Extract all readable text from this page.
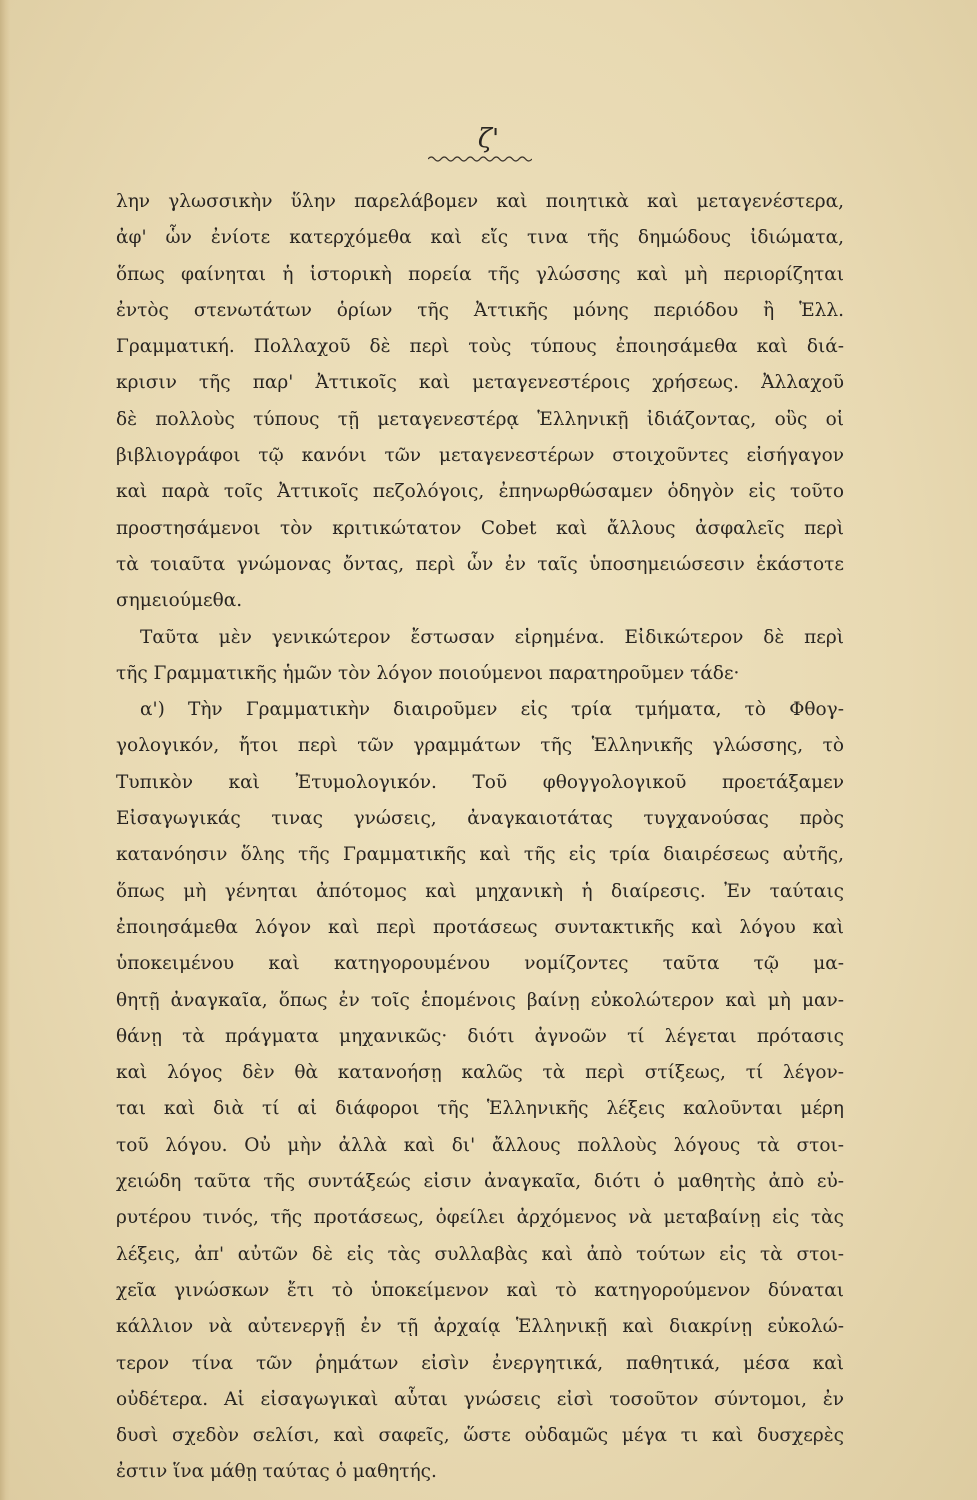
ζ'
λην γλωσσικὴν ὕλην παρελάβομεν καὶ ποιητικὰ καὶ μεταγενέστερα,
ἀφ' ὧν ἐνίοτε κατερχόμεθα καὶ εἴς τινα τῆς δημώδους ἰδιώματα,
ὅπως φαίνηται ἡ ἱστορικὴ πορεία τῆς γλώσσης καὶ μὴ περιορίζηται
ἐντὸς στενωτάτων ὁρίων τῆς Ἀττικῆς μόνης περιόδου ἢ Ἑλλ.
Γραμματική. Πολλαχοῦ δὲ περὶ τοὺς τύπους ἐποιησάμεθα καὶ διά-
κρισιν τῆς παρ' Ἀττικοῖς καὶ μεταγενεστέροις χρήσεως. Ἀλλαχοῦ
δὲ πολλοὺς τύπους τῇ μεταγενεστέρᾳ Ἑλληνικῇ ἰδιάζοντας, οὓς οἱ
βιβλιογράφοι τῷ κανόνι τῶν μεταγενεστέρων στοιχοῦντες εἰσήγαγον
καὶ παρὰ τοῖς Ἀττικοῖς πεζολόγοις, ἐπηνωρθώσαμεν ὁδηγὸν εἰς τοῦτο
προστησάμενοι τὸν κριτικώτατον Cobet καὶ ἄλλους ἀσφαλεῖς περὶ
τὰ τοιαῦτα γνώμονας ὄντας, περὶ ὧν ἐν ταῖς ὑποσημειώσεσιν ἑκάστοτε
σημειούμεθα.
Ταῦτα μὲν γενικώτερον ἔστωσαν εἰρημένα. Εἰδικώτερον δὲ περὶ
τῆς Γραμματικῆς ἡμῶν τὸν λόγον ποιούμενοι παρατηροῦμεν τάδε·
α') Τὴν Γραμματικὴν διαιροῦμεν εἰς τρία τμήματα, τὸ Φθογ-
γολογικόν, ἤτοι περὶ τῶν γραμμάτων τῆς Ἑλληνικῆς γλώσσης, τὸ
Τυπικὸν καὶ Ἐτυμολογικόν. Τοῦ φθογγολογικοῦ προετάξαμεν
Εἰσαγωγικάς τινας γνώσεις, ἀναγκαιοτάτας τυγχανούσας πρὸς
κατανόησιν ὅλης τῆς Γραμματικῆς καὶ τῆς εἰς τρία διαιρέσεως αὐτῆς,
ὅπως μὴ γένηται ἀπότομος καὶ μηχανικὴ ἡ διαίρεσις. Ἐν ταύταις
ἐποιησάμεθα λόγον καὶ περὶ προτάσεως συντακτικῆς καὶ λόγου καὶ
ὑποκειμένου καὶ κατηγορουμένου νομίζοντες ταῦτα τῷ μα-
θητῇ ἀναγκαῖα, ὅπως ἐν τοῖς ἑπομένοις βαίνῃ εὐκολώτερον καὶ μὴ μαν-
θάνῃ τὰ πράγματα μηχανικῶς· διότι ἀγνοῶν τί λέγεται πρότασις
καὶ λόγος δὲν θὰ κατανοήσῃ καλῶς τὰ περὶ στίξεως, τί λέγον-
ται καὶ διὰ τί αἱ διάφοροι τῆς Ἑλληνικῆς λέξεις καλοῦνται μέρη
τοῦ λόγου. Οὐ μὴν ἀλλὰ καὶ δι' ἄλλους πολλοὺς λόγους τὰ στοι-
χειώδη ταῦτα τῆς συντάξεώς εἰσιν ἀναγκαῖα, διότι ὁ μαθητὴς ἀπὸ εὐ-
ρυτέρου τινός, τῆς προτάσεως, ὀφείλει ἀρχόμενος νὰ μεταβαίνῃ εἰς τὰς
λέξεις, ἀπ' αὐτῶν δὲ εἰς τὰς συλλαβὰς καὶ ἀπὸ τούτων εἰς τὰ στοι-
χεῖα γινώσκων ἔτι τὸ ὑποκείμενον καὶ τὸ κατηγορούμενον δύναται
κάλλιον νὰ αὐτενεργῇ ἐν τῇ ἀρχαίᾳ Ἑλληνικῇ καὶ διακρίνῃ εὐκολώ-
τερον τίνα τῶν ῥημάτων εἰσὶν ἐνεργητικά, παθητικά, μέσα καὶ
οὐδέτερα. Αἱ εἰσαγωγικαὶ αὗται γνώσεις εἰσὶ τοσοῦτον σύντομοι, ἐν
δυσὶ σχεδὸν σελίσι, καὶ σαφεῖς, ὥστε οὐδαμῶς μέγα τι καὶ δυσχερὲς
ἐστιν ἵνα μάθῃ ταύτας ὁ μαθητής.
